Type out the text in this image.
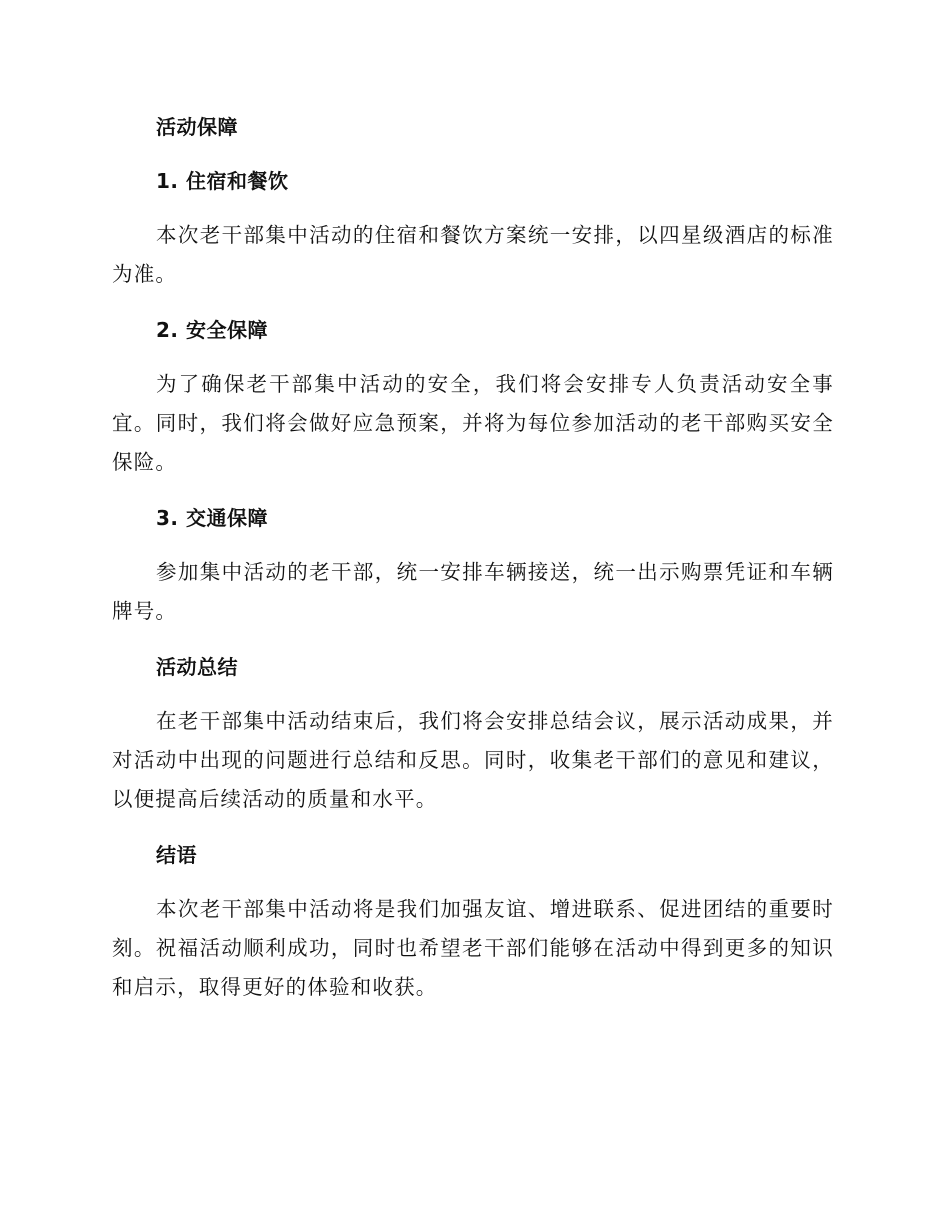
活动保障
1. 住宿和餐饮

本次老干部集中活动的住宿和餐饮方案统一安排，以四星级酒店的标准为准。

2. 安全保障

为了确保老干部集中活动的安全，我们将会安排专人负责活动安全事宜。同时，我们将会做好应急预案，并将为每位参加活动的老干部购买安全保险。

3. 交通保障

参加集中活动的老干部，统一安排车辆接送，统一出示购票凭证和车辆牌号。

活动总结

在老干部集中活动结束后，我们将会安排总结会议，展示活动成果，并对活动中出现的问题进行总结和反思。同时，收集老干部们的意见和建议，以便提高后续活动的质量和水平。

结语

本次老干部集中活动将是我们加强友谊、增进联系、促进团结的重要时刻。祝福活动顺利成功，同时也希望老干部们能够在活动中得到更多的知识和启示，取得更好的体验和收获。
